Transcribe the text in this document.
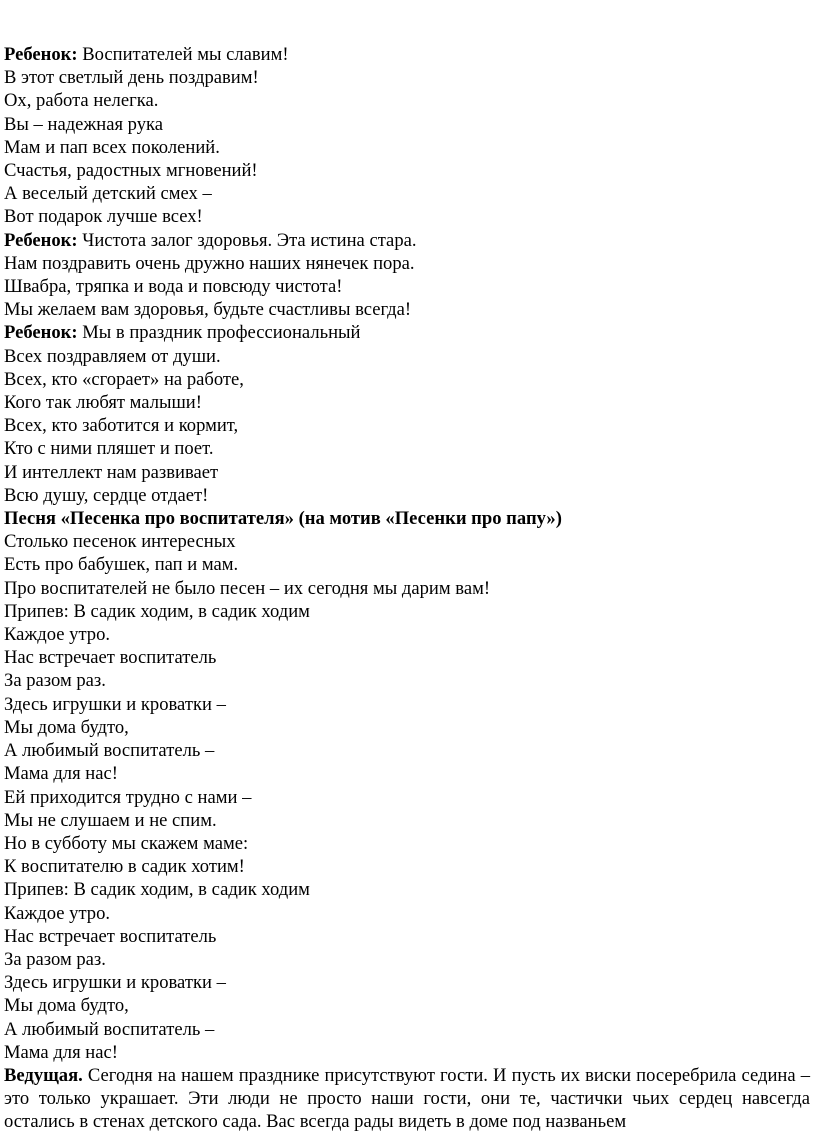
Ребенок: Воспитателей мы славим!

В этот светлый день поздравим!

Ох, работа нелегка.

Вы – надежная рука

Мам и пап всех поколений.

Счастья, радостных мгновений!

А веселый детский смех –

Вот подарок лучше всех!

Ребенок: Чистота залог здоровья. Эта истина стара.

Нам поздравить очень дружно наших нянечек пора.

Швабра, тряпка и вода и повсюду чистота!

Мы желаем вам здоровья, будьте счастливы всегда!

Ребенок: Мы в праздник профессиональный

Всех поздравляем от души.

Всех, кто «сгорает» на работе,

Кого так любят малыши!

Всех, кто заботится и кормит,

Кто с ними пляшет и поет.

И интеллект нам развивает

Всю душу, сердце отдает!

Песня «Песенка про воспитателя» (на мотив «Песенки про папу»)

Столько песенок интересных

Есть про бабушек, пап и мам.

Про воспитателей не было песен – их сегодня мы дарим вам!

Припев: В садик ходим, в садик ходим

Каждое утро.

Нас встречает воспитатель

За разом раз.

Здесь игрушки и кроватки –

Мы дома будто,

А любимый воспитатель –

Мама для нас!

Ей приходится трудно с нами –

Мы не слушаем и не спим.

Но в субботу мы скажем маме:

К воспитателю в садик хотим!

Припев: В садик ходим, в садик ходим

Каждое утро.

Нас встречает воспитатель

За разом раз.

Здесь игрушки и кроватки –

Мы дома будто,

А любимый воспитатель –

Мама для нас!

Ведущая. Сегодня на нашем празднике присутствуют гости. И пусть их виски посеребрила седина – это только украшает. Эти люди не просто наши гости, они те, частички чьих сердец навсегда остались в стенах детского сада. Вас всегда рады видеть в доме под названьем
